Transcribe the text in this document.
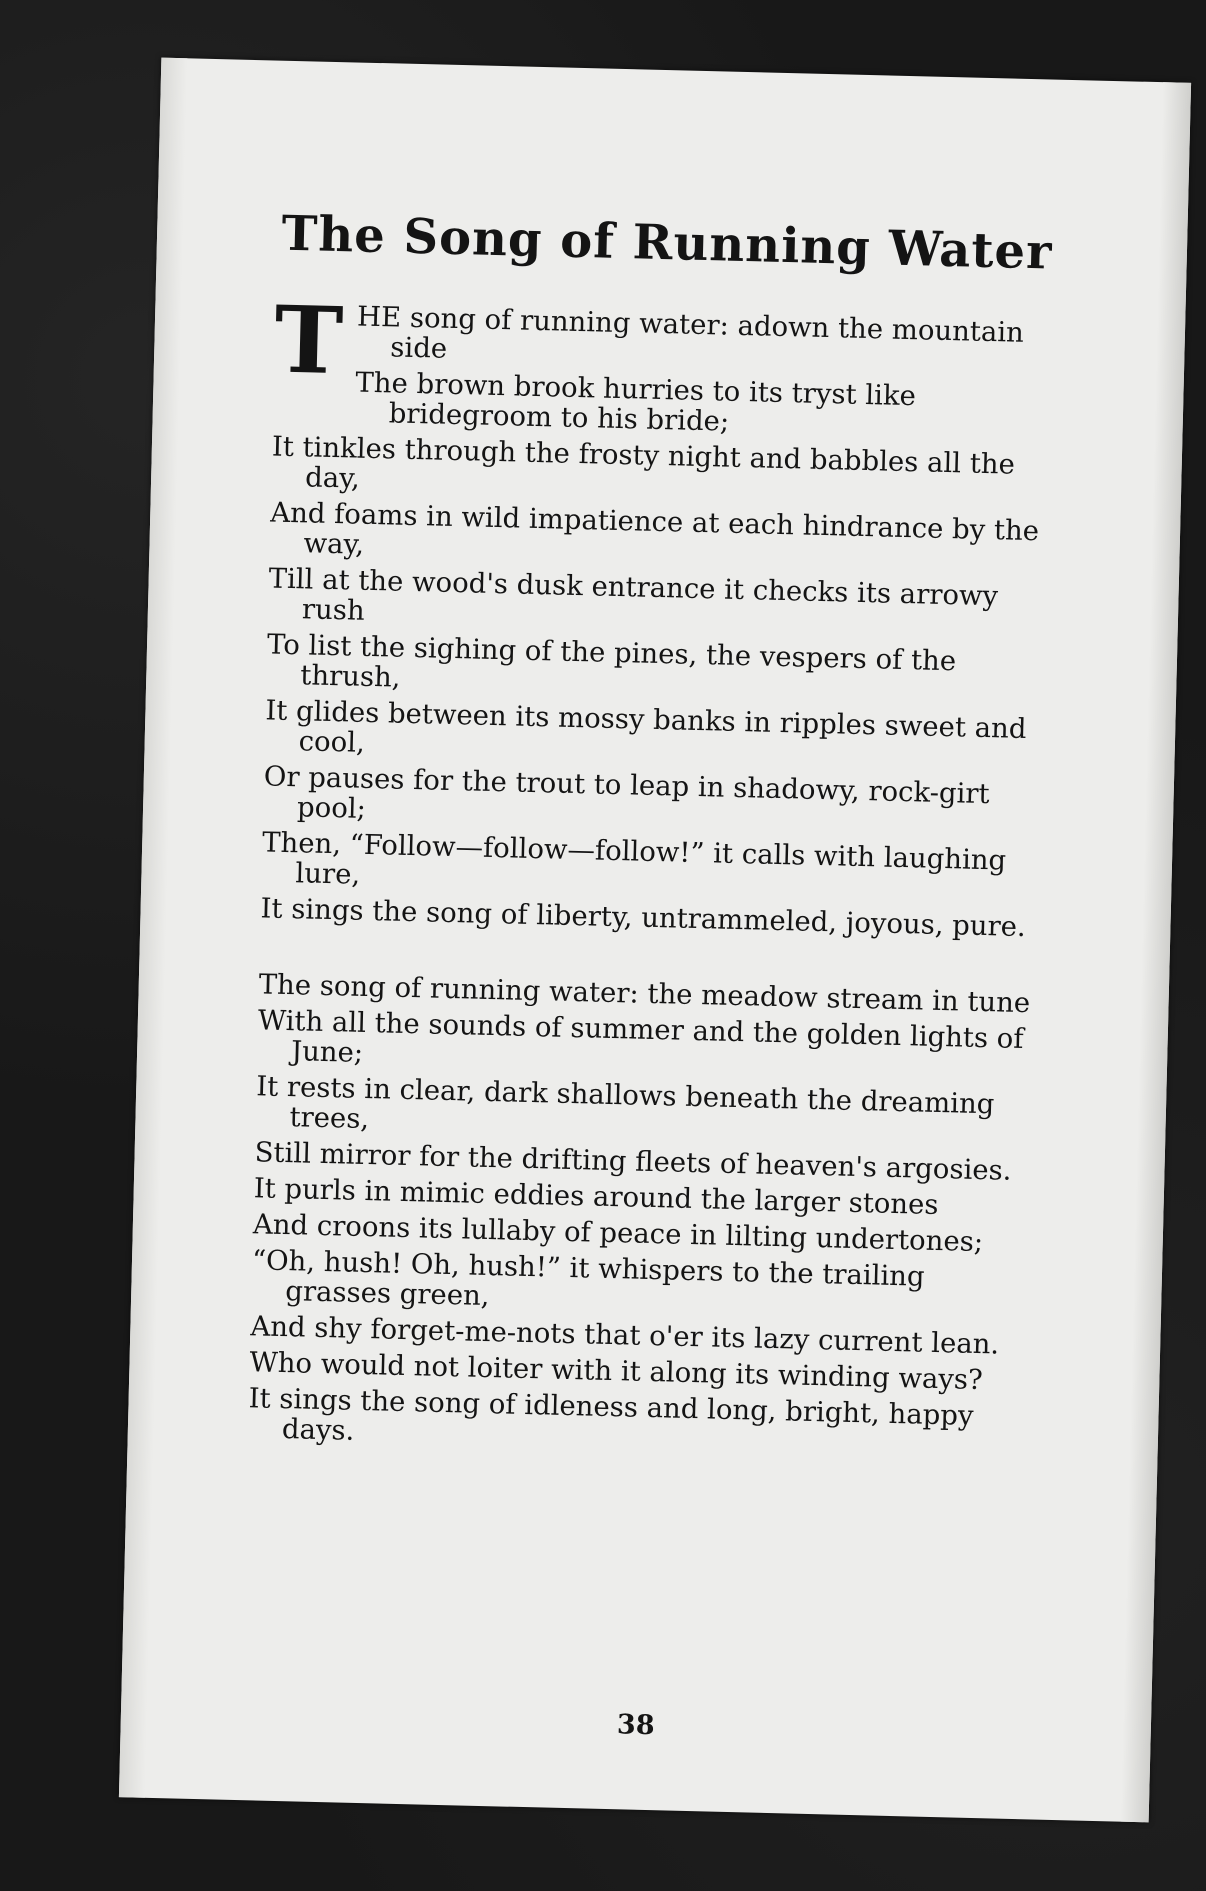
The Song of Running Water
T HE song of running water: adown the mountain side

The brown brook hurries to its tryst like bridegroom to his bride;

It tinkles through the frosty night and babbles all the day,

And foams in wild impatience at each hindrance by the way,

Till at the wood's dusk entrance it checks its arrowy rush

To list the sighing of the pines, the vespers of the thrush,

It glides between its mossy banks in ripples sweet and cool,

Or pauses for the trout to leap in shadowy, rock-girt pool;

Then, “Follow—follow—follow!” it calls with laughing lure,

It sings the song of liberty, untrammeled, joyous, pure.

The song of running water: the meadow stream in tune

With all the sounds of summer and the golden lights of June;

It rests in clear, dark shallows beneath the dreaming trees,

Still mirror for the drifting fleets of heaven's argosies.

It purls in mimic eddies around the larger stones

And croons its lullaby of peace in lilting undertones;

“Oh, hush! Oh, hush!” it whispers to the trailing grasses green,

And shy forget-me-nots that o'er its lazy current lean.

Who would not loiter with it along its winding ways?

It sings the song of idleness and long, bright, happy days.

38
